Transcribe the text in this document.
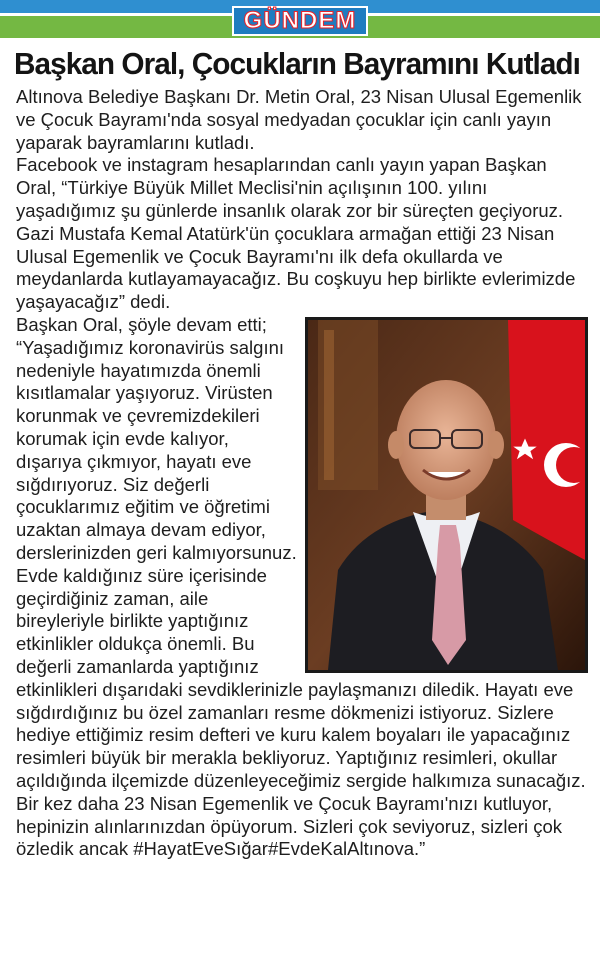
GÜNDEM
Başkan Oral, Çocukların Bayramını Kutladı

Altınova Belediye Başkanı Dr. Metin Oral, 23 Nisan Ulusal Egemenlik ve Çocuk Bayramı'nda sosyal medyadan çocuklar için canlı yayın yaparak bayramlarını kutladı.

Facebook ve instagram hesaplarından canlı yayın yapan Başkan Oral, “Türkiye Büyük Millet Meclisi'nin açılışının 100. yılını yaşadığımız şu günlerde insanlık olarak zor bir süreçten geçiyoruz.

Gazi Mustafa Kemal Atatürk'ün çocuklara armağan ettiği 23 Nisan Ulusal Egemenlik ve Çocuk Bayramı'nı ilk defa okullarda ve meydanlarda kutlayamayacağız. Bu coşkuyu hep birlikte evlerimizde yaşayacağız” dedi.

Başkan Oral, şöyle devam etti; “Yaşadığımız koronavirüs salgını nedeniyle hayatımızda önemli kısıtlamalar yaşıyoruz. Virüsten korunmak ve çevremizdekileri korumak için evde kalıyor, dışarıya çıkmıyor, hayatı eve sığdırıyoruz. Siz değerli çocuklarımız eğitim ve öğretimi uzaktan almaya devam ediyor, derslerinizden geri kalmıyorsunuz. Evde kaldığınız süre içerisinde geçirdiğiniz zaman, aile bireyleriyle birlikte yaptığınız etkinlikler oldukça önemli. Bu değerli zamanlarda yaptığınız etkinlikleri dışarıdaki sevdiklerinizle paylaşmanızı diledik. Hayatı eve sığdırdığınız bu özel zamanları resme dökmenizi istiyoruz. Sizlere hediye ettiğimiz resim defteri ve kuru kalem boyaları ile yapacağınız resimleri büyük bir merakla bekliyoruz. Yaptığınız resimleri, okullar açıldığında ilçemizde düzenleyeceğimiz sergide halkımıza sunacağız. Bir kez daha 23 Nisan Egemenlik ve Çocuk Bayramı'nızı kutluyor, hepinizin alınlarınızdan öpüyorum. Sizleri çok seviyoruz, sizleri çok özledik ancak #HayatEveSığar#EvdeKalAltınova.”
